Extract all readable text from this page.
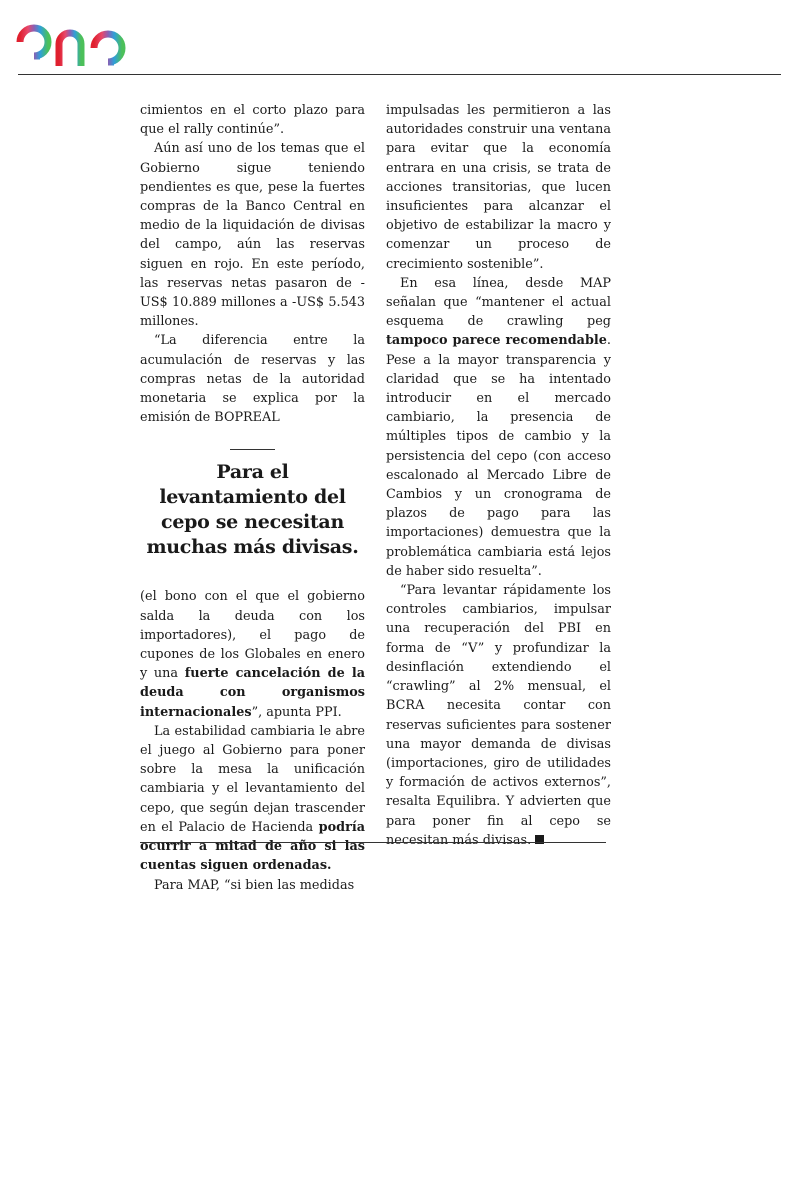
cimientos en el corto plazo para que el rally continúe”.

Aún así uno de los temas que el Gobierno sigue teniendo pendientes es que, pese la fuertes compras de la Banco Central en medio de la liquidación de divisas del campo, aún las reservas siguen en rojo. En este período, las reservas netas pasaron de -US$ 10.889 millones a -US$ 5.543 millones.

“La diferencia entre la acumulación de reservas y las compras netas de la autoridad monetaria se explica por la emisión de BOPREAL

Para el levantamiento del cepo se necesitan muchas más divisas.

(el bono con el que el gobierno salda la deuda con los importadores), el pago de cupones de los Globales en enero y una fuerte cancelación de la deuda con organismos internacionales”, apunta PPI.

La estabilidad cambiaria le abre el juego al Gobierno para poner sobre la mesa la unificación cambiaria y el levantamiento del cepo, que según dejan trascender en el Palacio de Hacienda podría ocurrir a mitad de año si las cuentas siguen ordenadas.

Para MAP, “si bien las medidas

impulsadas les permitieron a las autoridades construir una ventana para evitar que la economía entrara en una crisis, se trata de acciones transitorias, que lucen insuficientes para alcanzar el objetivo de estabilizar la macro y comenzar un proceso de crecimiento sostenible”.

En esa línea, desde MAP señalan que “mantener el actual esquema de crawling peg tampoco parece recomendable. Pese a la mayor transparencia y claridad que se ha intentado introducir en el mercado cambiario, la presencia de múltiples tipos de cambio y la persistencia del cepo (con acceso escalonado al Mercado Libre de Cambios y un cronograma de plazos de pago para las importaciones) demuestra que la problemática cambiaria está lejos de haber sido resuelta”.

“Para levantar rápidamente los controles cambiarios, impulsar una recuperación del PBI en forma de “V” y profundizar la desinflación extendiendo el “crawling” al 2% mensual, el BCRA necesita contar con reservas suficientes para sostener una mayor demanda de divisas (importaciones, giro de utilidades y formación de activos externos”, resalta Equilibra. Y advierten que para poner fin al cepo se necesitan más divisas.
